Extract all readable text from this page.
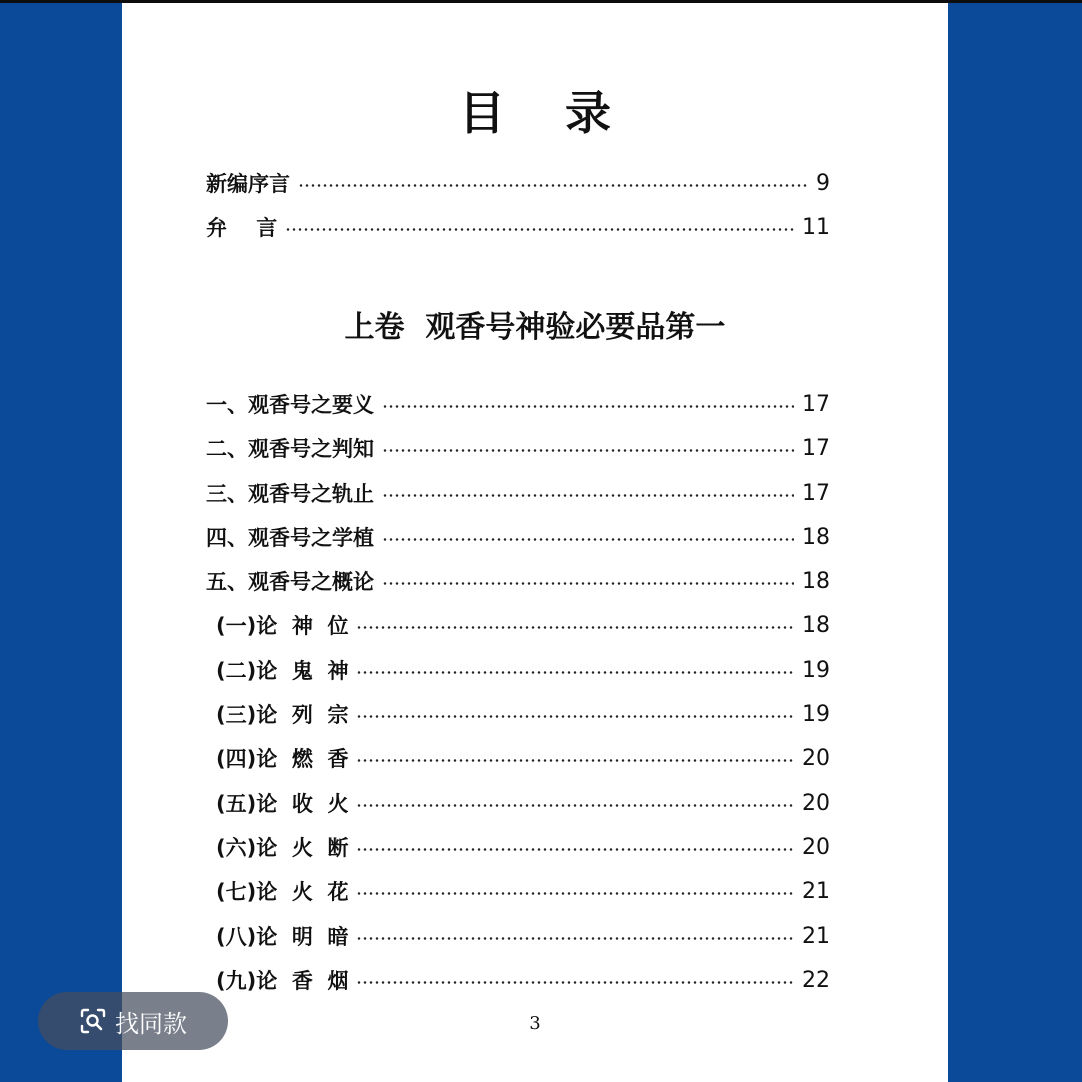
目 录
新编序言	9
弁    言	11
上卷  观香号神验必要品第一
一、观香号之要义	17
二、观香号之判知	17
三、观香号之轨止	17
四、观香号之学植	18
五、观香号之概论	18
(一)论  神  位	18
(二)论  鬼  神	19
(三)论  列  宗	19
(四)论  燃  香	20
(五)论  收  火	20
(六)论  火  断	20
(七)论  火  花	21
(八)论  明  暗	21
(九)论  香  烟	22
3
找同款
